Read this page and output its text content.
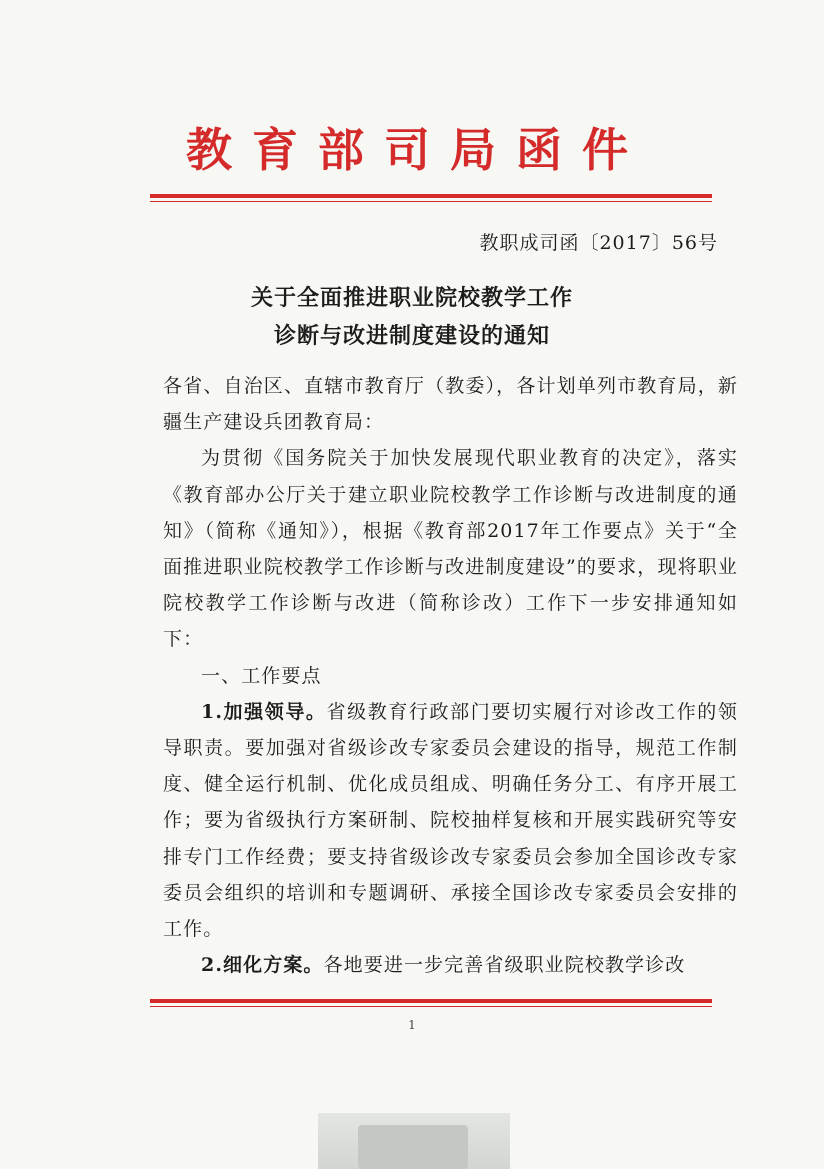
教育部司局函件
教职成司函〔2017〕56号
关于全面推进职业院校教学工作
诊断与改进制度建设的通知

各省、自治区、直辖市教育厅（教委），各计划单列市教育局，新疆生产建设兵团教育局：

为贯彻《国务院关于加快发展现代职业教育的决定》，落实《教育部办公厅关于建立职业院校教学工作诊断与改进制度的通知》（简称《通知》），根据《教育部2017年工作要点》关于“全面推进职业院校教学工作诊断与改进制度建设”的要求，现将职业院校教学工作诊断与改进（简称诊改）工作下一步安排通知如下：

一、工作要点

1.加强领导。省级教育行政部门要切实履行对诊改工作的领导职责。要加强对省级诊改专家委员会建设的指导，规范工作制度、健全运行机制、优化成员组成、明确任务分工、有序开展工作；要为省级执行方案研制、院校抽样复核和开展实践研究等安排专门工作经费；要支持省级诊改专家委员会参加全国诊改专家委员会组织的培训和专题调研、承接全国诊改专家委员会安排的工作。

2.细化方案。各地要进一步完善省级职业院校教学诊改

1
